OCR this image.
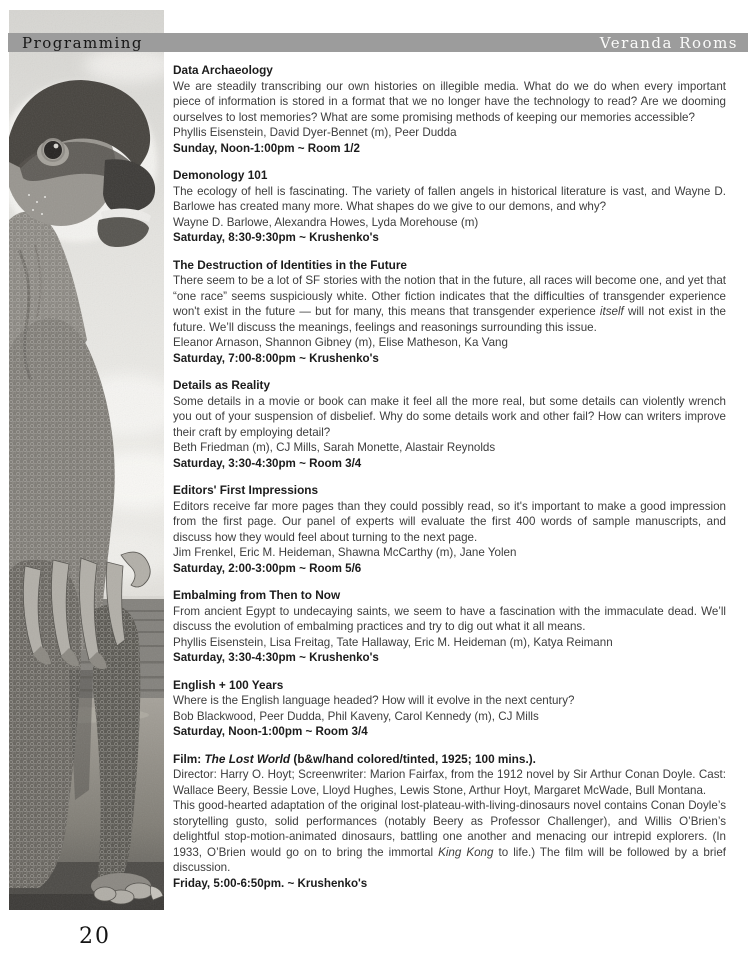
Programming	Veranda Rooms
Data Archaeology

We are steadily transcribing our own histories on illegible media. What do we do when every important piece of information is stored in a format that we no longer have the technology to read? Are we dooming ourselves to lost memories? What are some promising methods of keeping our memories accessible?

Phyllis Eisenstein, David Dyer-Bennet (m), Peer Dudda

Sunday, Noon-1:00pm ~ Room 1/2

Demonology 101

The ecology of hell is fascinating. The variety of fallen angels in historical literature is vast, and Wayne D. Barlowe has created many more. What shapes do we give to our demons, and why?

Wayne D. Barlowe, Alexandra Howes, Lyda Morehouse (m)

Saturday, 8:30-9:30pm ~ Krushenko's

The Destruction of Identities in the Future

There seem to be a lot of SF stories with the notion that in the future, all races will become one, and yet that “one race” seems suspiciously white. Other fiction indicates that the difficulties of transgender experience won't exist in the future — but for many, this means that transgender experience itself will not exist in the future. We’ll discuss the meanings, feelings and reasonings surrounding this issue.

Eleanor Arnason, Shannon Gibney (m), Elise Matheson, Ka Vang

Saturday, 7:00-8:00pm ~ Krushenko's

Details as Reality

Some details in a movie or book can make it feel all the more real, but some details can violently wrench you out of your suspension of disbelief. Why do some details work and other fail? How can writers improve their craft by employing detail?

Beth Friedman (m), CJ Mills, Sarah Monette, Alastair Reynolds

Saturday, 3:30-4:30pm ~ Room 3/4

Editors' First Impressions

Editors receive far more pages than they could possibly read, so it's important to make a good impression from the first page. Our panel of experts will evaluate the first 400 words of sample manuscripts, and discuss how they would feel about turning to the next page.

Jim Frenkel, Eric M. Heideman, Shawna McCarthy (m), Jane Yolen

Saturday, 2:00-3:00pm ~ Room 5/6

Embalming from Then to Now

From ancient Egypt to undecaying saints, we seem to have a fascination with the immaculate dead. We’ll discuss the evolution of embalming practices and try to dig out what it all means.

Phyllis Eisenstein, Lisa Freitag, Tate Hallaway, Eric M. Heideman (m), Katya Reimann

Saturday, 3:30-4:30pm ~ Krushenko's

English + 100 Years

Where is the English language headed? How will it evolve in the next century?

Bob Blackwood, Peer Dudda, Phil Kaveny, Carol Kennedy (m), CJ Mills

Saturday, Noon-1:00pm ~ Room 3/4

Film: The Lost World (b&w/hand colored/tinted, 1925; 100 mins.).

Director: Harry O. Hoyt; Screenwriter: Marion Fairfax, from the 1912 novel by Sir Arthur Conan Doyle. Cast: Wallace Beery, Bessie Love, Lloyd Hughes, Lewis Stone, Arthur Hoyt, Margaret McWade, Bull Montana.

This good-hearted adaptation of the original lost-plateau-with-living-dinosaurs novel contains Conan Doyle’s storytelling gusto, solid performances (notably Beery as Professor Challenger), and Willis O’Brien’s delightful stop-motion-animated dinosaurs, battling one another and menacing our intrepid explorers. (In 1933, O’Brien would go on to bring the immortal King Kong to life.) The film will be followed by a brief discussion.

Friday, 5:00-6:50pm. ~ Krushenko's

20
